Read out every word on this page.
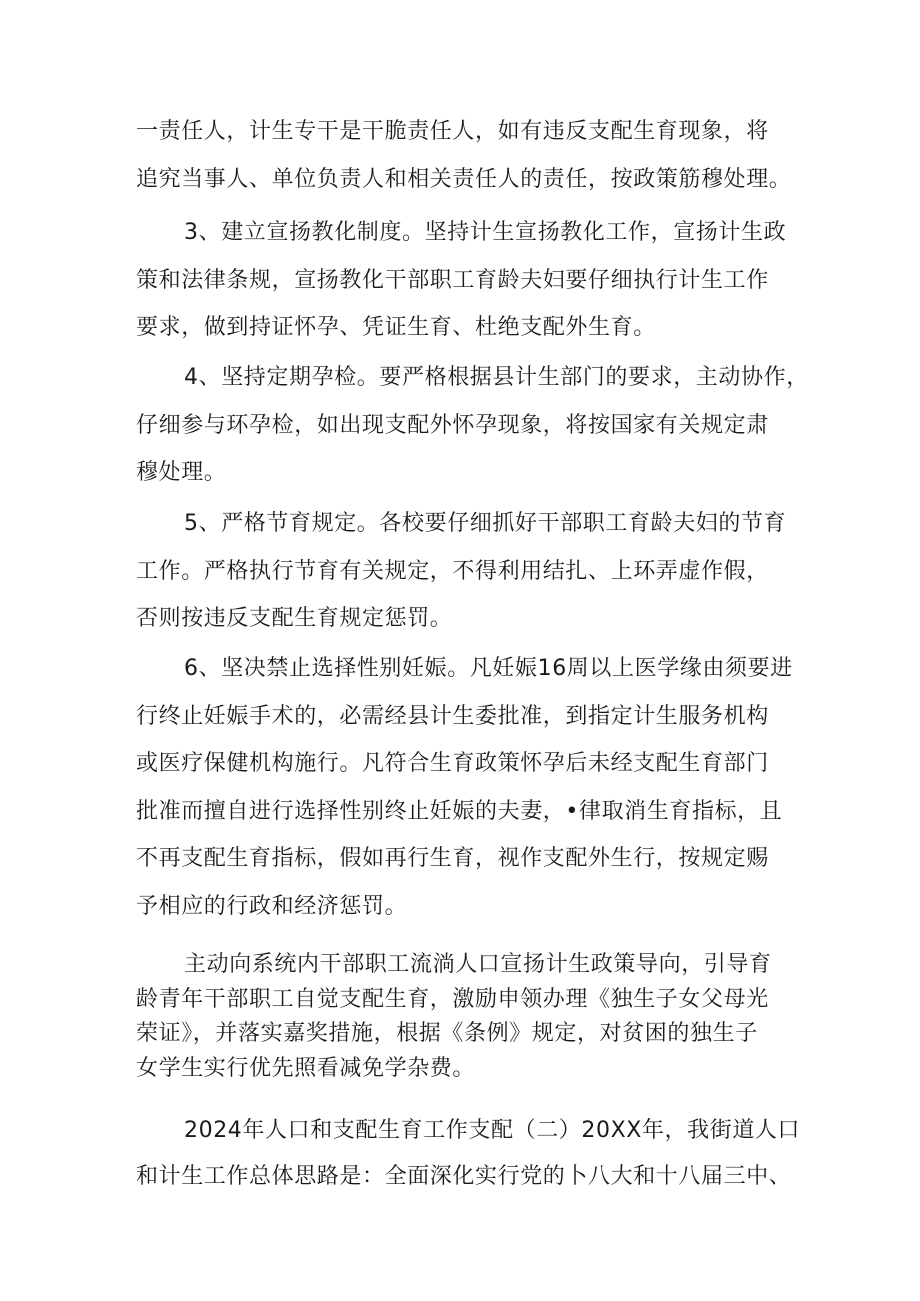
一责任人，计生专干是干脆责任人，如有违反支配生育现象，将
追究当事人、单位负责人和相关责任人的责任，按政策筋穆处理。

3、建立宣扬教化制度。坚持计生宣扬教化工作，宣扬计生政
策和法律条规，宣扬教化干部职工育龄夫妇要仔细执行计生工作
要求，做到持证怀孕、凭证生育、杜绝支配外生育。

4、坚持定期孕检。要严格根据县计生部门的要求，主动协作，
仔细参与环孕检，如出现支配外怀孕现象，将按国家有关规定肃
穆处理。

5、严格节育规定。各校要仔细抓好干部职工育龄夫妇的节育
工作。严格执行节育有关规定，不得利用结扎、上环弄虚作假，
否则按违反支配生育规定惩罚。

6、坚决禁止选择性别妊娠。凡妊娠16周以上医学缘由须要进
行终止妊娠手术的，必需经县计生委批准，到指定计生服务机构
或医疗保健机构施行。凡符合生育政策怀孕后未经支配生育部门
批准而擅自进行选择性别终止妊娠的夫妻，•律取消生育指标，且
不再支配生育指标，假如再行生育，视作支配外生行，按规定赐
予相应的行政和经济惩罚。

主动向系统内干部职工流淌人口宣扬计生政策导向，引导育
龄青年干部职工自觉支配生育，激励申领办理《独生子女父母光
荣证》，并落实嘉奖措施，根据《条例》规定，对贫困的独生子
女学生实行优先照看减免学杂费。

2024年人口和支配生育工作支配（二）20XX年，我街道人口
和计生工作总体思路是：全面深化实行党的卜八大和十八届三中、
